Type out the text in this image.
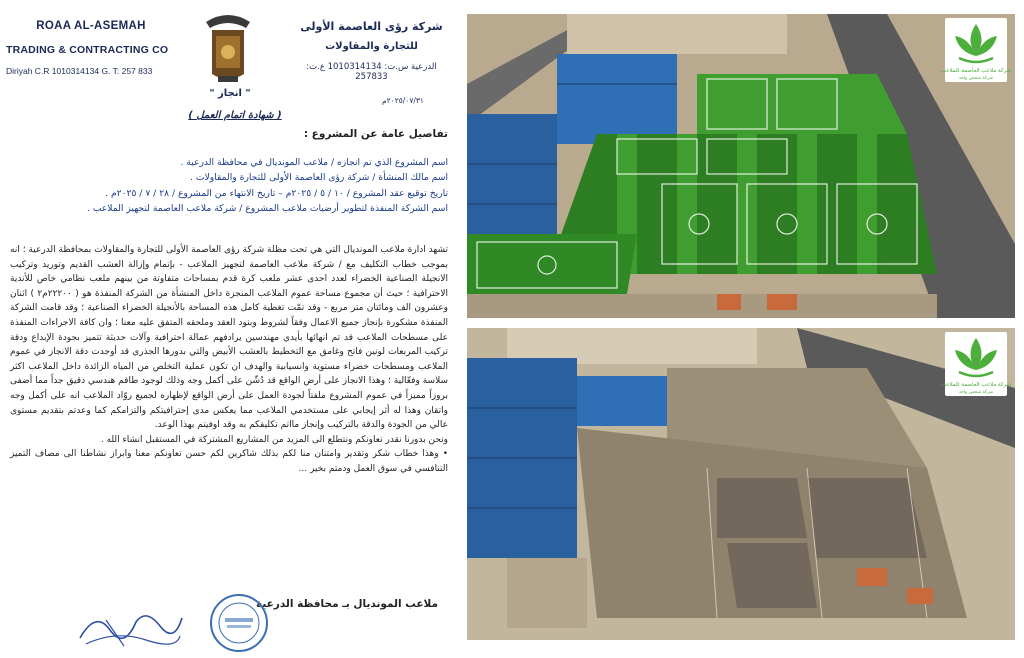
ROAA AL-ASEMAH
TRADING & CONTRACTING CO
Diriyah C.R 1010314134 G. T: 257 833
" انجاز "
شركة رؤى العاصمة الأولى
للتجارة والمقاولات
الدرعية س.ت: 1010314134 ع.ت: 257833
٢٠٢٥/٠٧/٣١م
( شهادة اتمام العمل )
تفاصيل عامة عن المشروع :
اسم المشروع الذي تم انجازه / ملاعب المونديال في محافظة الدرعية .
اسم مالك المنشأة / شركة رؤى العاصمة الأولى للتجارة والمقاولات .
تاريخ توقيع عقد المشروع / ١٠ / ٥ / ٢٠٢٥م – تاريخ الانتهاء من المشروع / ٢٨ / ٧ / ٢٠٢٥م .
اسم الشركة المنفذة لتطوير أرضيات ملاعب المشروع / شركة ملاعب العاصمة لتجهيز الملاعب .
تشهد ادارة ملاعب المونديال التي هي تحت مظلة شركة رؤى العاصمة الأولى للتجارة والمقاولات بمحافظة الدرعية ؛ انه بموجب خطاب التكليف مع / شركة ملاعب العاصمة لتجهيز الملاعب - بإتمام وإزالة العشب القديم وتوريد وتركيب الانجيلة الصناعية الخضراء لعدد احدى عشر ملعب كرة قدم بمساحات متفاوتة من بينهم ملعب نظامي خاص للأندية الاحترافية ؛ حيث أن مجموع مساحة عموم الملاعب المنجزة داخل المنشأة من الشركة المنفذة هو ( ٢٢٢٠٠م٢ ) اثنان وعشرون الف ومائتان متر مربع - وقد تمّت تغطية كامل هذه المساحة بالأنجيلة الخضراء الصناعية ؛ وقد قامت الشركة المنفذة مشكورة بإنجاز جميع الاعمال وفقاً لشروط وبنود العقد وملحقه المتفق عليه معنا ؛ وان كافة الاجراءات المنفذة على مسطحات الملاعب قد تم انهائها بأيدي مهندسين يرادفهم عمالة احترافية وآلات حديثة تتميز بجودة الإبداع ودقة تركيب المربعات لونين فاتح وغامق مع التخطيط بالعشب الأبيض والتي بدورها الجذري قد أوجدت دقة الانجاز في عموم الملاعب ومسطحات خضراء مستوية وانسيابية والهدف ان تكون عملية التخلص من المياه الزائدة داخل الملاعب اكثر سلاسة وفعّالية ؛ وهذا الانجاز على أرض الواقع قد دُشّن على أكمل وجه وذلك لوجود طاقم هندسي دقيق جداً مما أضفى بروزاً مميزاً في عموم المشروع ملفتاً لجودة العمل على أرض الواقع لإظهاره لجميع روّاد الملاعب انه على أكمل وجه واتقان وهذا له أثر إيجابي على مستخدمي الملاعب مما يعكس مدى إحترافيتكم والتزامكم كما وعدتم بتقديم مستوى عالي من الجودة والدقة بالتركيب وإنجاز مااتم تكليفكم به وقد اوفيتم بهذا الوعد.
ونحن بدورنا نقدر تعاونكم ونتطلع الى المزيد من المشاريع المشتركة في المستقبل انشاء الله .
• وهذا خطاب شكر وتقدير وامتنان منا لكم بذلك شاكرين لكم حسن تعاونكم معنا وابراز نشاطنا الى مصاف التميز التنافسي في سوق العمل ودمتم بخير ...
ملاعب المونديال بـ محافظة الدرعية
شركة ملاعب العاصمة للملاعب
شركة شخص واحد
شركة ملاعب العاصمة للملاعب
شركة شخص واحد
